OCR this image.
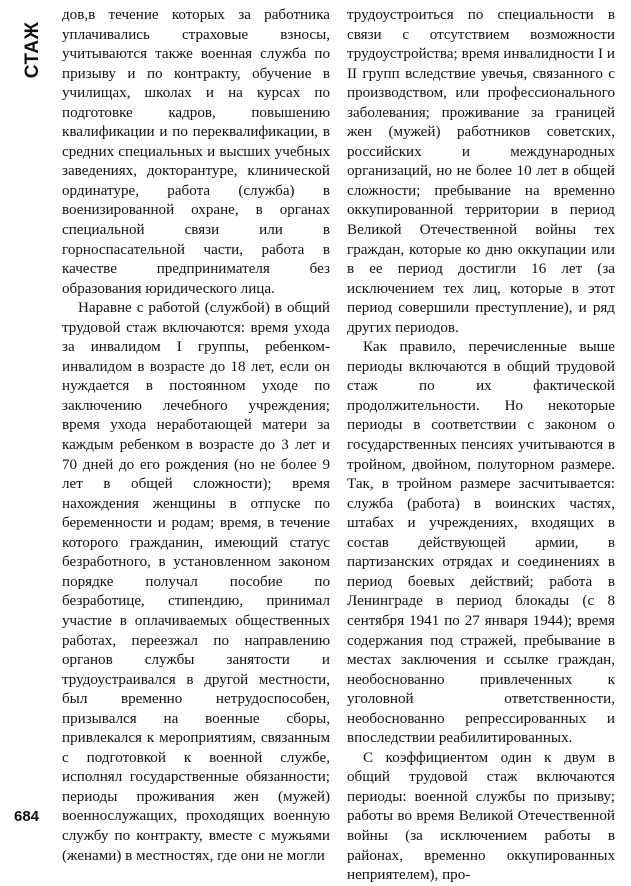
СТАЖ

дов,в течение которых за работника уплачивались страховые взносы, учитываются также военная служба по призыву и по контракту, обучение в училищах, школах и на курсах по подготовке кадров, повышению квалификации и по переквалификации, в средних специальных и высших учебных заведениях, докторантуре, клинической ординатуре, работа (служба) в военизированной охране, в органах специальной связи или в горноспасательной части, работа в качестве предпринимателя без образования юридического лица.

Наравне с работой (службой) в общий трудовой стаж включаются: время ухода за инвалидом I группы, ребенком-инвалидом в возрасте до 18 лет, если он нуждается в постоянном уходе по заключению лечебного учреждения; время ухода неработающей матери за каждым ребенком в возрасте до 3 лет и 70 дней до его рождения (но не более 9 лет в общей сложности); время нахождения женщины в отпуске по беременности и родам; время, в течение которого гражданин, имеющий статус безработного, в установленном законом порядке получал пособие по безработице, стипендию, принимал участие в оплачиваемых общественных работах, переезжал по направлению органов службы занятости и трудоустраивался в другой местности, был временно нетрудоспособен, призывался на военные сборы, привлекался к мероприятиям, связанным с подготовкой к военной службе, исполнял государственные обязанности; периоды проживания жен (мужей) военнослужащих, проходящих военную службу по контракту, вместе с мужьями (женами) в местностях, где они не могли

трудоустроиться по специальности в связи с отсутствием возможности трудоустройства; время инвалидности I и II групп вследствие увечья, связанного с производством, или профессионального заболевания; проживание за границей жен (мужей) работников советских, российских и международных организаций, но не более 10 лет в общей сложности; пребывание на временно оккупированной территории в период Великой Отечественной войны тех граждан, которые ко дню оккупации или в ее период достигли 16 лет (за исключением тех лиц, которые в этот период совершили преступление), и ряд других периодов.

Как правило, перечисленные выше периоды включаются в общий трудовой стаж по их фактической продолжительности. Но некоторые периоды в соответствии с законом о государственных пенсиях учитываются в тройном, двойном, полуторном размере. Так, в тройном размере засчитывается: служба (работа) в воинских частях, штабах и учреждениях, входящих в состав действующей армии, в партизанских отрядах и соединениях в период боевых действий; работа в Ленинграде в период блокады (с 8 сентября 1941 по 27 января 1944); время содержания под стражей, пребывание в местах заключения и ссылке граждан, необоснованно привлеченных к уголовной ответственности, необоснованно репрессированных и впоследствии реабилитированных.

С коэффициентом один к двум в общий трудовой стаж включаются периоды: военной службы по призыву; работы во время Великой Отечественной войны (за исключением работы в районах, временно оккупированных неприятелем), про-

684
